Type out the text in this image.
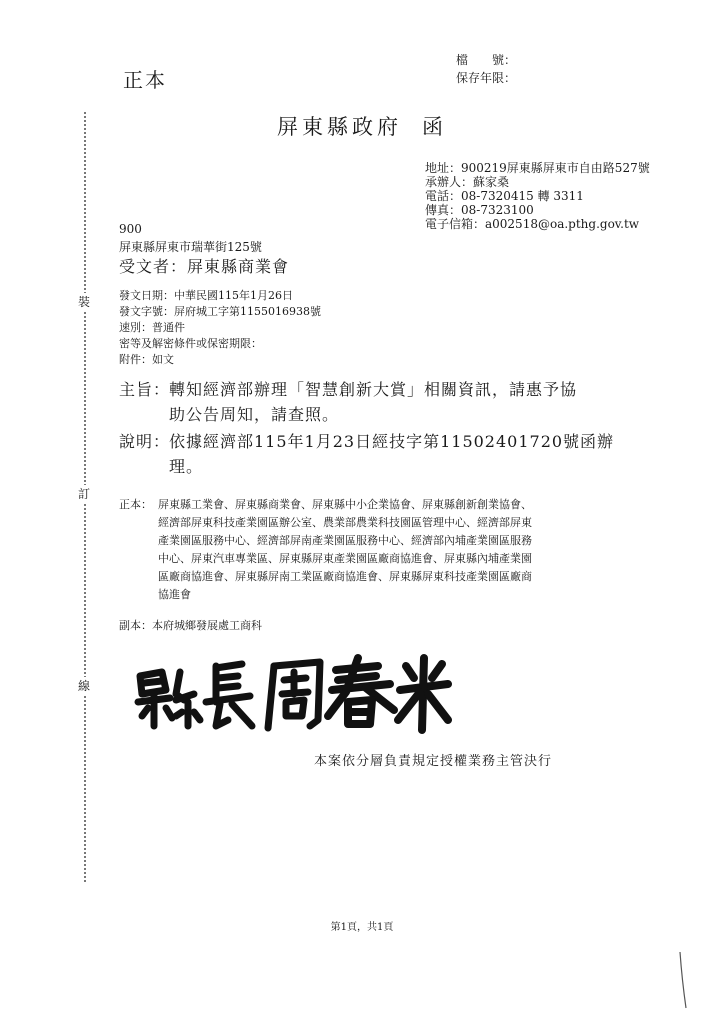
裝
訂
線
正本
檔　　號：
保存年限：
屏東縣政府 函
地址：900219屏東縣屏東市自由路527號
承辦人：蘇家桑
電話：08-7320415 轉 3311
傳真：08-7323100
電子信箱：a002518@oa.pthg.gov.tw
900
屏東縣屏東市瑞華街125號
受文者：屏東縣商業會
發文日期：中華民國115年1月26日
發文字號：屏府城工字第1155016938號
速別：普通件
密等及解密條件或保密期限：
附件：如文
主旨：轉知經濟部辦理「智慧創新大賞」相關資訊，請惠予協
助公告周知，請查照。
說明：依據經濟部115年1月23日經技字第11502401720號函辦
理。
正本： 屏東縣工業會、屏東縣商業會、屏東縣中小企業協會、屏東縣創新創業協會、
經濟部屏東科技產業園區辦公室、農業部農業科技園區管理中心、經濟部屏東
產業園區服務中心、經濟部屏南產業園區服務中心、經濟部內埔產業園區服務
中心、屏東汽車專業區、屏東縣屏東產業園區廠商協進會、屏東縣內埔產業園
區廠商協進會、屏東縣屏南工業區廠商協進會、屏東縣屏東科技產業園區廠商
協進會
副本：本府城鄉發展處工商科
本案依分層負責規定授權業務主管決行
第1頁，共1頁
